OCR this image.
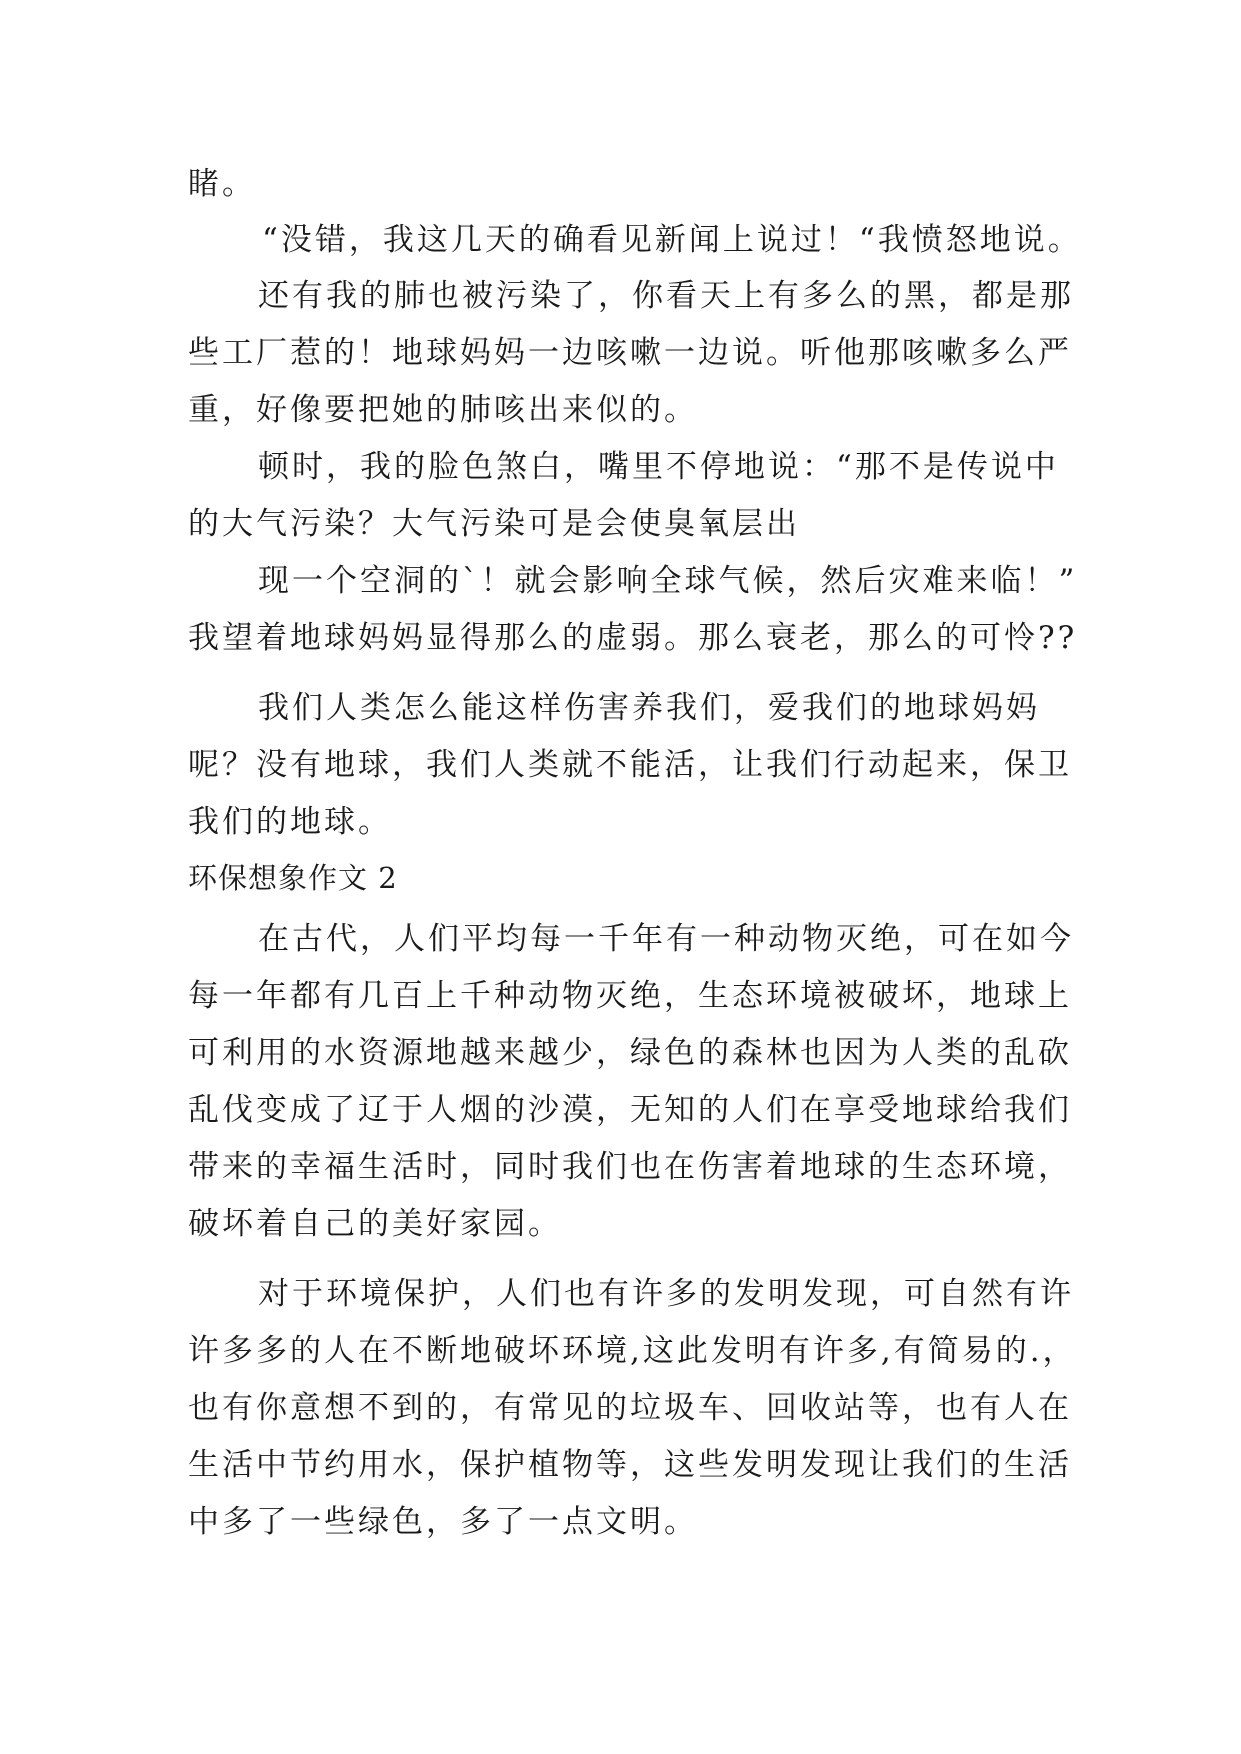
睹。
“没错，我这几天的确看见新闻上说过！“我愤怒地说。
还有我的肺也被污染了，你看天上有多么的黑，都是那
些工厂惹的！地球妈妈一边咳嗽一边说。听他那咳嗽多么严
重，好像要把她的肺咳出来似的。
顿时，我的脸色煞白，嘴里不停地说：“那不是传说中
的大气污染？大气污染可是会使臭氧层出
现一个空洞的`！就会影响全球气候，然后灾难来临！”
我望着地球妈妈显得那么的虚弱。那么衰老，那么的可怜??
我们人类怎么能这样伤害养我们，爱我们的地球妈妈
呢？没有地球，我们人类就不能活，让我们行动起来，保卫
我们的地球。
环保想象作文 2
在古代，人们平均每一千年有一种动物灭绝，可在如今
每一年都有几百上千种动物灭绝，生态环境被破坏，地球上
可利用的水资源地越来越少，绿色的森林也因为人类的乱砍
乱伐变成了辽于人烟的沙漠，无知的人们在享受地球给我们
带来的幸福生活时，同时我们也在伤害着地球的生态环境，
破坏着自己的美好家园。
对于环境保护，人们也有许多的发明发现，可自然有许
许多多的人在不断地破坏环境,这此发明有许多,有简易的.，
也有你意想不到的，有常见的垃圾车、回收站等，也有人在
生活中节约用水，保护植物等，这些发明发现让我们的生活
中多了一些绿色，多了一点文明。
